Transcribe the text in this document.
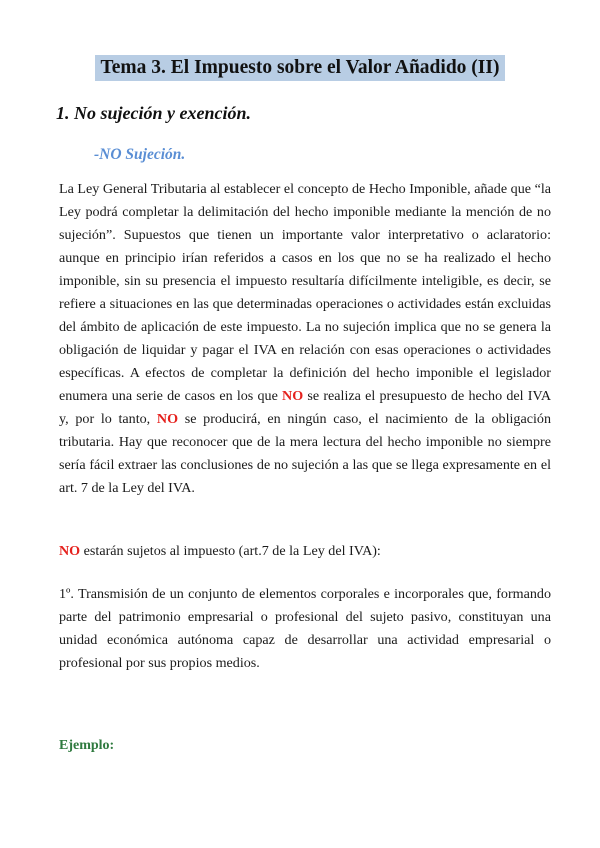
Tema 3. El Impuesto sobre el Valor Añadido (II)
1. No sujeción y exención.
-NO Sujeción.
La Ley General Tributaria al establecer el concepto de Hecho Imponible, añade que “la Ley podrá completar la delimitación del hecho imponible mediante la mención de no sujeción”. Supuestos que tienen un importante valor interpretativo o aclaratorio: aunque en principio irían referidos a casos en los que no se ha realizado el hecho imponible, sin su presencia el impuesto resultaría difícilmente inteligible, es decir, se refiere a situaciones en las que determinadas operaciones o actividades están excluidas del ámbito de aplicación de este impuesto. La no sujeción implica que no se genera la obligación de liquidar y pagar el IVA en relación con esas operaciones o actividades específicas. A efectos de completar la definición del hecho imponible el legislador enumera una serie de casos en los que NO se realiza el presupuesto de hecho del IVA y, por lo tanto, NO se producirá, en ningún caso, el nacimiento de la obligación tributaria. Hay que reconocer que de la mera lectura del hecho imponible no siempre sería fácil extraer las conclusiones de no sujeción a las que se llega expresamente en el art. 7 de la Ley del IVA.
NO estarán sujetos al impuesto (art.7 de la Ley del IVA):
1º. Transmisión de un conjunto de elementos corporales e incorporales que, formando parte del patrimonio empresarial o profesional del sujeto pasivo, constituyan una unidad económica autónoma capaz de desarrollar una actividad empresarial o profesional por sus propios medios.
Ejemplo:
